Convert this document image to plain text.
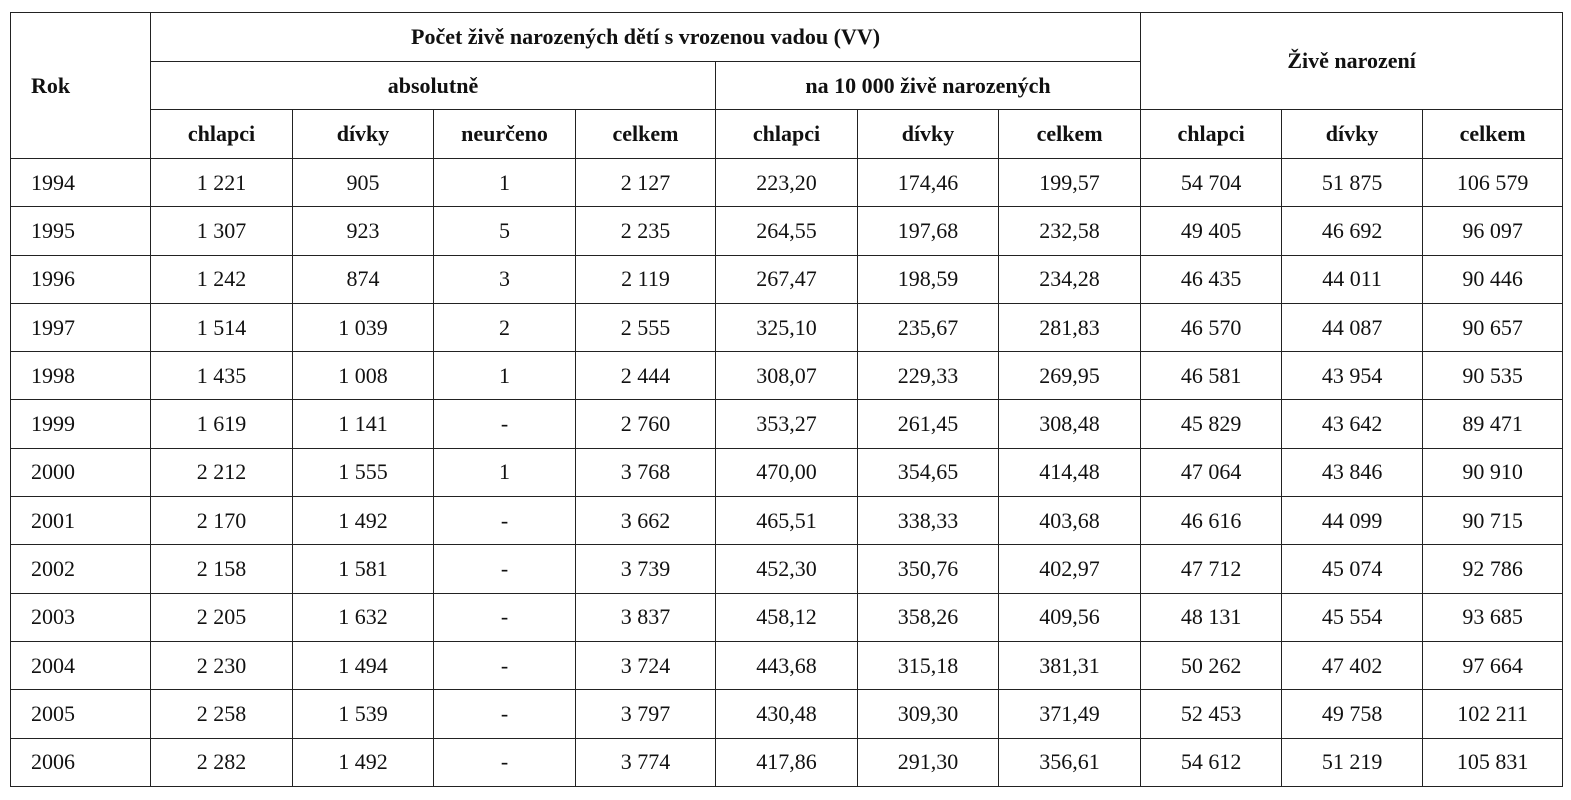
Rok	Počet živě narozených dětí s vrozenou vadou (VV)							Živě narození		
	absolutně				na 10 000 živě narozených					
	chlapci	dívky	neurčeno	celkem	chlapci	dívky	celkem	chlapci	dívky	celkem
1994	1 221	905	1	2 127	223,20	174,46	199,57	54 704	51 875	106 579
1995	1 307	923	5	2 235	264,55	197,68	232,58	49 405	46 692	96 097
1996	1 242	874	3	2 119	267,47	198,59	234,28	46 435	44 011	90 446
1997	1 514	1 039	2	2 555	325,10	235,67	281,83	46 570	44 087	90 657
1998	1 435	1 008	1	2 444	308,07	229,33	269,95	46 581	43 954	90 535
1999	1 619	1 141	-	2 760	353,27	261,45	308,48	45 829	43 642	89 471
2000	2 212	1 555	1	3 768	470,00	354,65	414,48	47 064	43 846	90 910
2001	2 170	1 492	-	3 662	465,51	338,33	403,68	46 616	44 099	90 715
2002	2 158	1 581	-	3 739	452,30	350,76	402,97	47 712	45 074	92 786
2003	2 205	1 632	-	3 837	458,12	358,26	409,56	48 131	45 554	93 685
2004	2 230	1 494	-	3 724	443,68	315,18	381,31	50 262	47 402	97 664
2005	2 258	1 539	-	3 797	430,48	309,30	371,49	52 453	49 758	102 211
2006	2 282	1 492	-	3 774	417,86	291,30	356,61	54 612	51 219	105 831
